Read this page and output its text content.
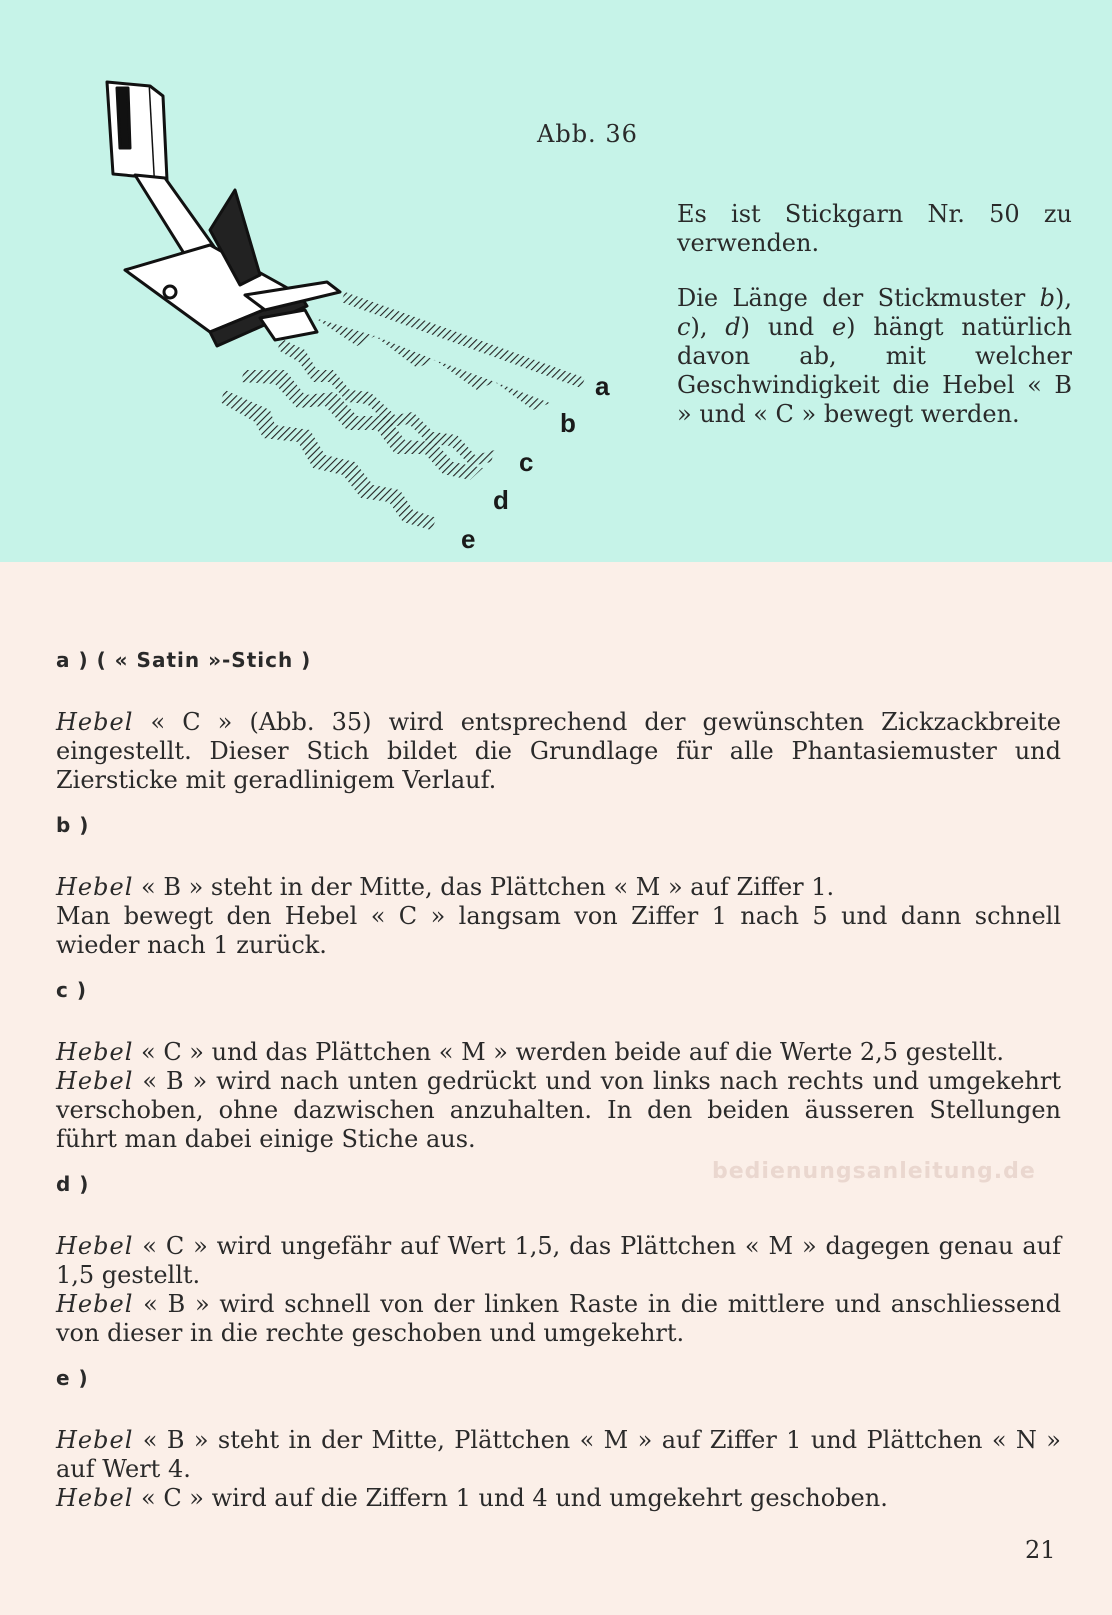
a
b
c
d
e
Abb. 36

Es ist Stickgarn Nr. 50 zu verwenden.

Die Länge der Stickmuster b), c), d) und e) hängt natürlich davon ab, mit welcher Geschwindigkeit die Hebel « B » und « C » bewegt werden.

a ) ( « Satin »-Stich )

Hebel « C » (Abb. 35) wird entsprechend der gewünschten Zickzackbreite eingestellt. Dieser Stich bildet die Grundlage für alle Phantasiemuster und Ziersticke mit geradlinigem Verlauf.

b )

Hebel « B » steht in der Mitte, das Plättchen « M » auf Ziffer 1.
Man bewegt den Hebel « C » langsam von Ziffer 1 nach 5 und dann schnell wieder nach 1 zurück.

c )

Hebel « C » und das Plättchen « M » werden beide auf die Werte 2,5 gestellt.
Hebel « B » wird nach unten gedrückt und von links nach rechts und umgekehrt verschoben, ohne dazwischen anzuhalten. In den beiden äusseren Stellungen führt man dabei einige Stiche aus.

d )

Hebel « C » wird ungefähr auf Wert 1,5, das Plättchen « M » dagegen genau auf 1,5 gestellt.
Hebel « B » wird schnell von der linken Raste in die mittlere und anschliessend von dieser in die rechte geschoben und umgekehrt.

e )

Hebel « B » steht in der Mitte, Plättchen « M » auf Ziffer 1 und Plättchen « N » auf Wert 4.
Hebel « C » wird auf die Ziffern 1 und 4 und umgekehrt geschoben.

bedienungsanleitung.de
21
